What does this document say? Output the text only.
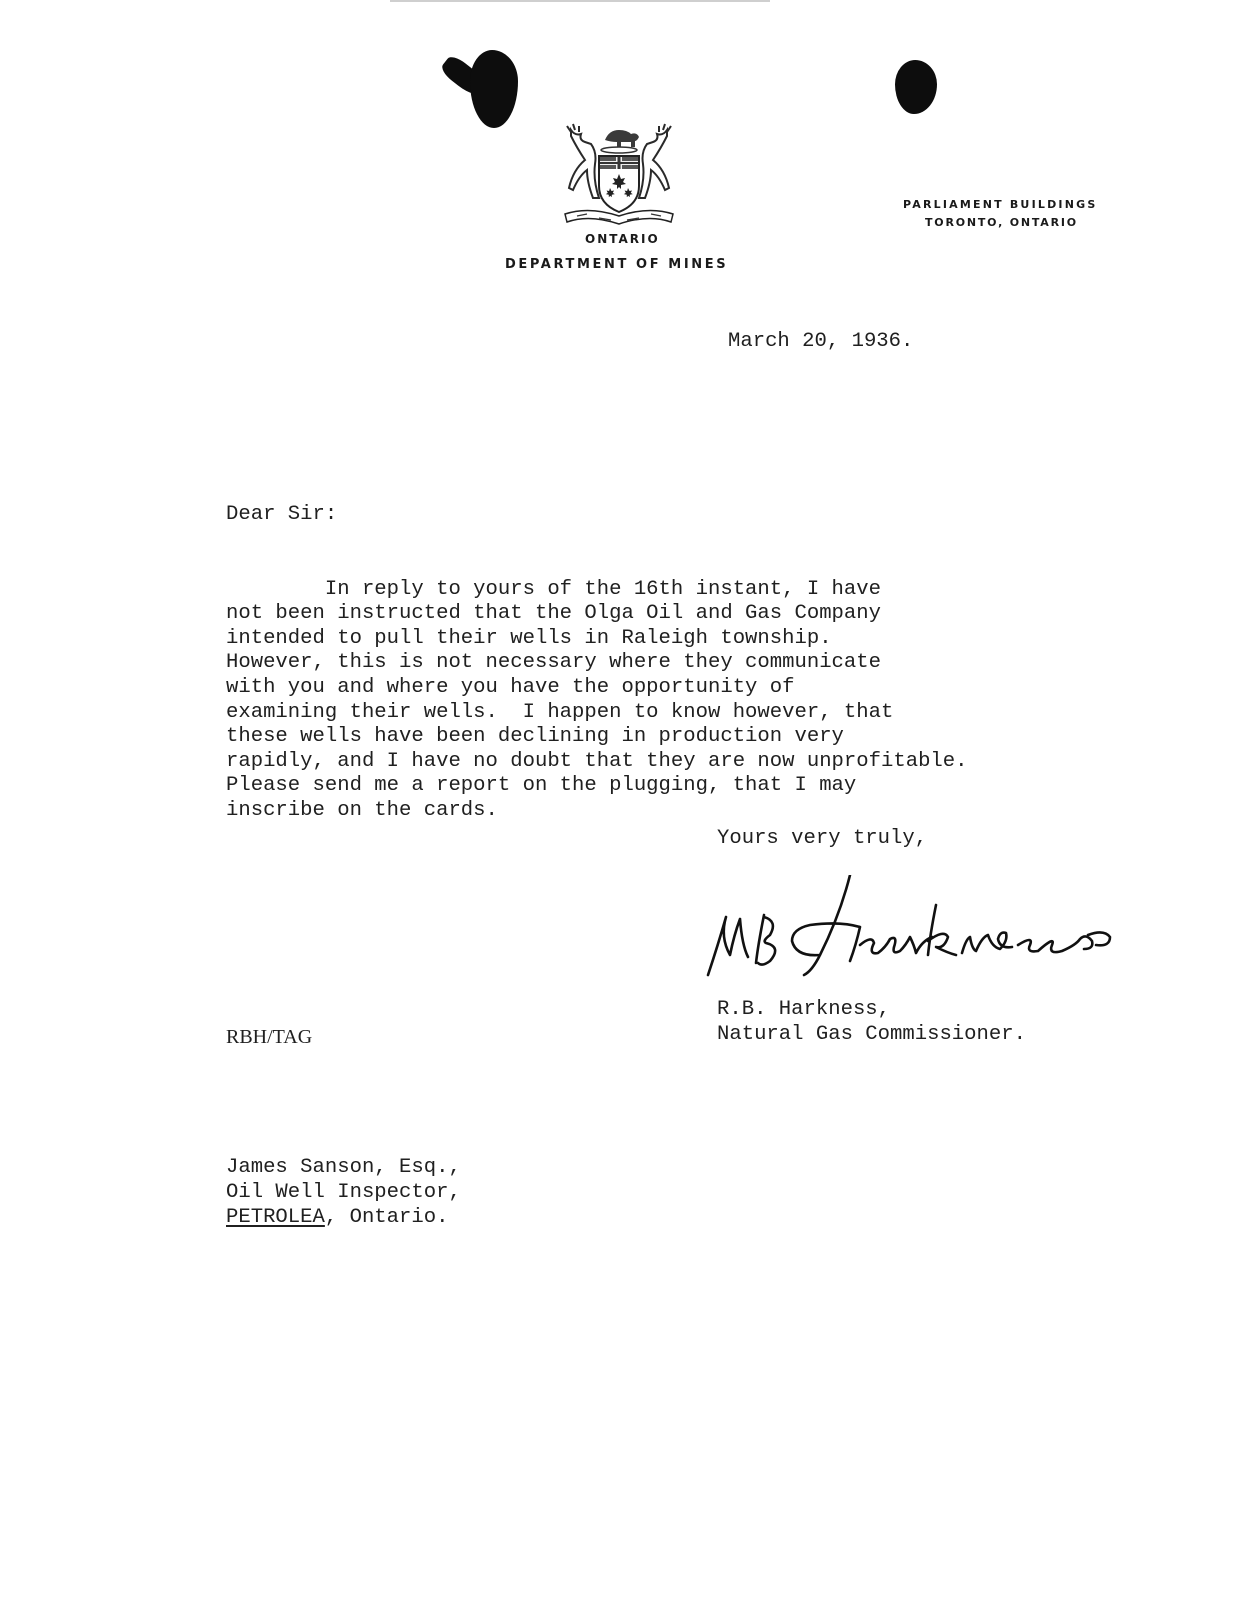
ONTARIO
DEPARTMENT OF MINES
PARLIAMENT BUILDINGS
TORONTO, ONTARIO
March 20, 1936.
Dear Sir:

In reply to yours of the 16th instant, I have
not been instructed that the Olga Oil and Gas Company
intended to pull their wells in Raleigh township.
However, this is not necessary where they communicate
with you and where you have the opportunity of
examining their wells.  I happen to know however, that
these wells have been declining in production very
rapidly, and I have no doubt that they are now unprofitable.
Please send me a report on the plugging, that I may
inscribe on the cards.
Yours very truly,
R.B. Harkness,
Natural Gas Commissioner.
RBH/TAG
James Sanson, Esq.,
Oil Well Inspector,
PETROLEA, Ontario.
